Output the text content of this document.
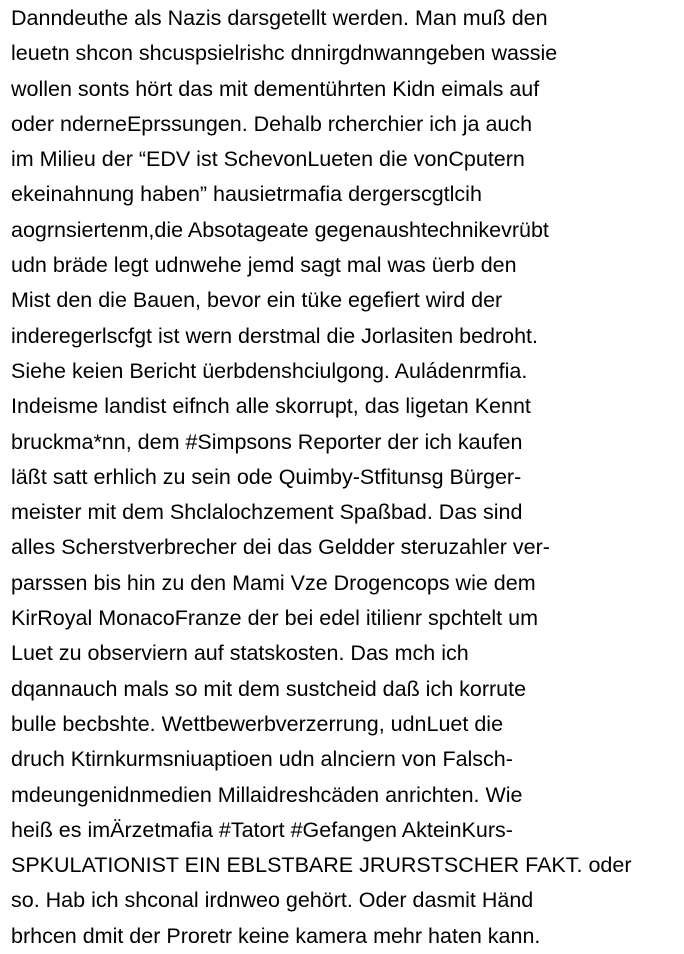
Danndeuthe als Nazis darsgetellt werden. Man muß den
leuetn shcon shcuspsielrishc dnnirgdnwanngeben wassie
wollen sonts hört das mit dementührten Kidn eimals auf
oder nderneEprssungen. Dehalb rcherchier ich ja auch
im Milieu der “EDV ist SchevonLueten die vonCputern
ekeinahnung haben” hausietrmafia dergerscgtlcih
aogrnsiertenm,die Absotageate gegenaushtechnikevrübt
udn bräde legt udnwehe jemd sagt mal was üerb den
Mist den die Bauen, bevor ein tüke egefiert wird der
inderegerlscfgt ist wern derstmal die Jorlasiten bedroht.
Siehe keien Bericht üerbdenshciulgong. Auládenrmfia.
Indeisme landist eifnch alle skorrupt, das ligetan Kennt
bruckma*nn, dem #Simpsons Reporter der ich kaufen
läßt satt erhlich zu sein ode Quimby-Stfitunsg Bürger-
meister mit dem Shclalochzement Spaßbad. Das sind
alles Scherstverbrecher dei das Geldder steruzahler ver-
parssen bis hin zu den Mami Vze Drogencops wie dem
KirRoyal MonacoFranze der bei edel itilienr spchtelt um
Luet zu observiern auf statskosten. Das mch ich
dqannauch mals so mit dem sustcheid daß ich korrute
bulle becbshte. Wettbewerbverzerrung, udnLuet die
druch Ktirnkurmsniuaptioen udn alnciern von Falsch-
mdeungenidnmedien Millaidreshcäden anrichten. Wie
heiß es imÄrzetmafia #Tatort #Gefangen AkteinKurs-
SPKULATIONIST EIN EBLSTBARE JRURSTSCHER FAKT. oder
so. Hab ich shconal irdnweo gehört. Oder dasmit Händ
brhcen dmit der Proretr keine kamera mehr haten kann.
